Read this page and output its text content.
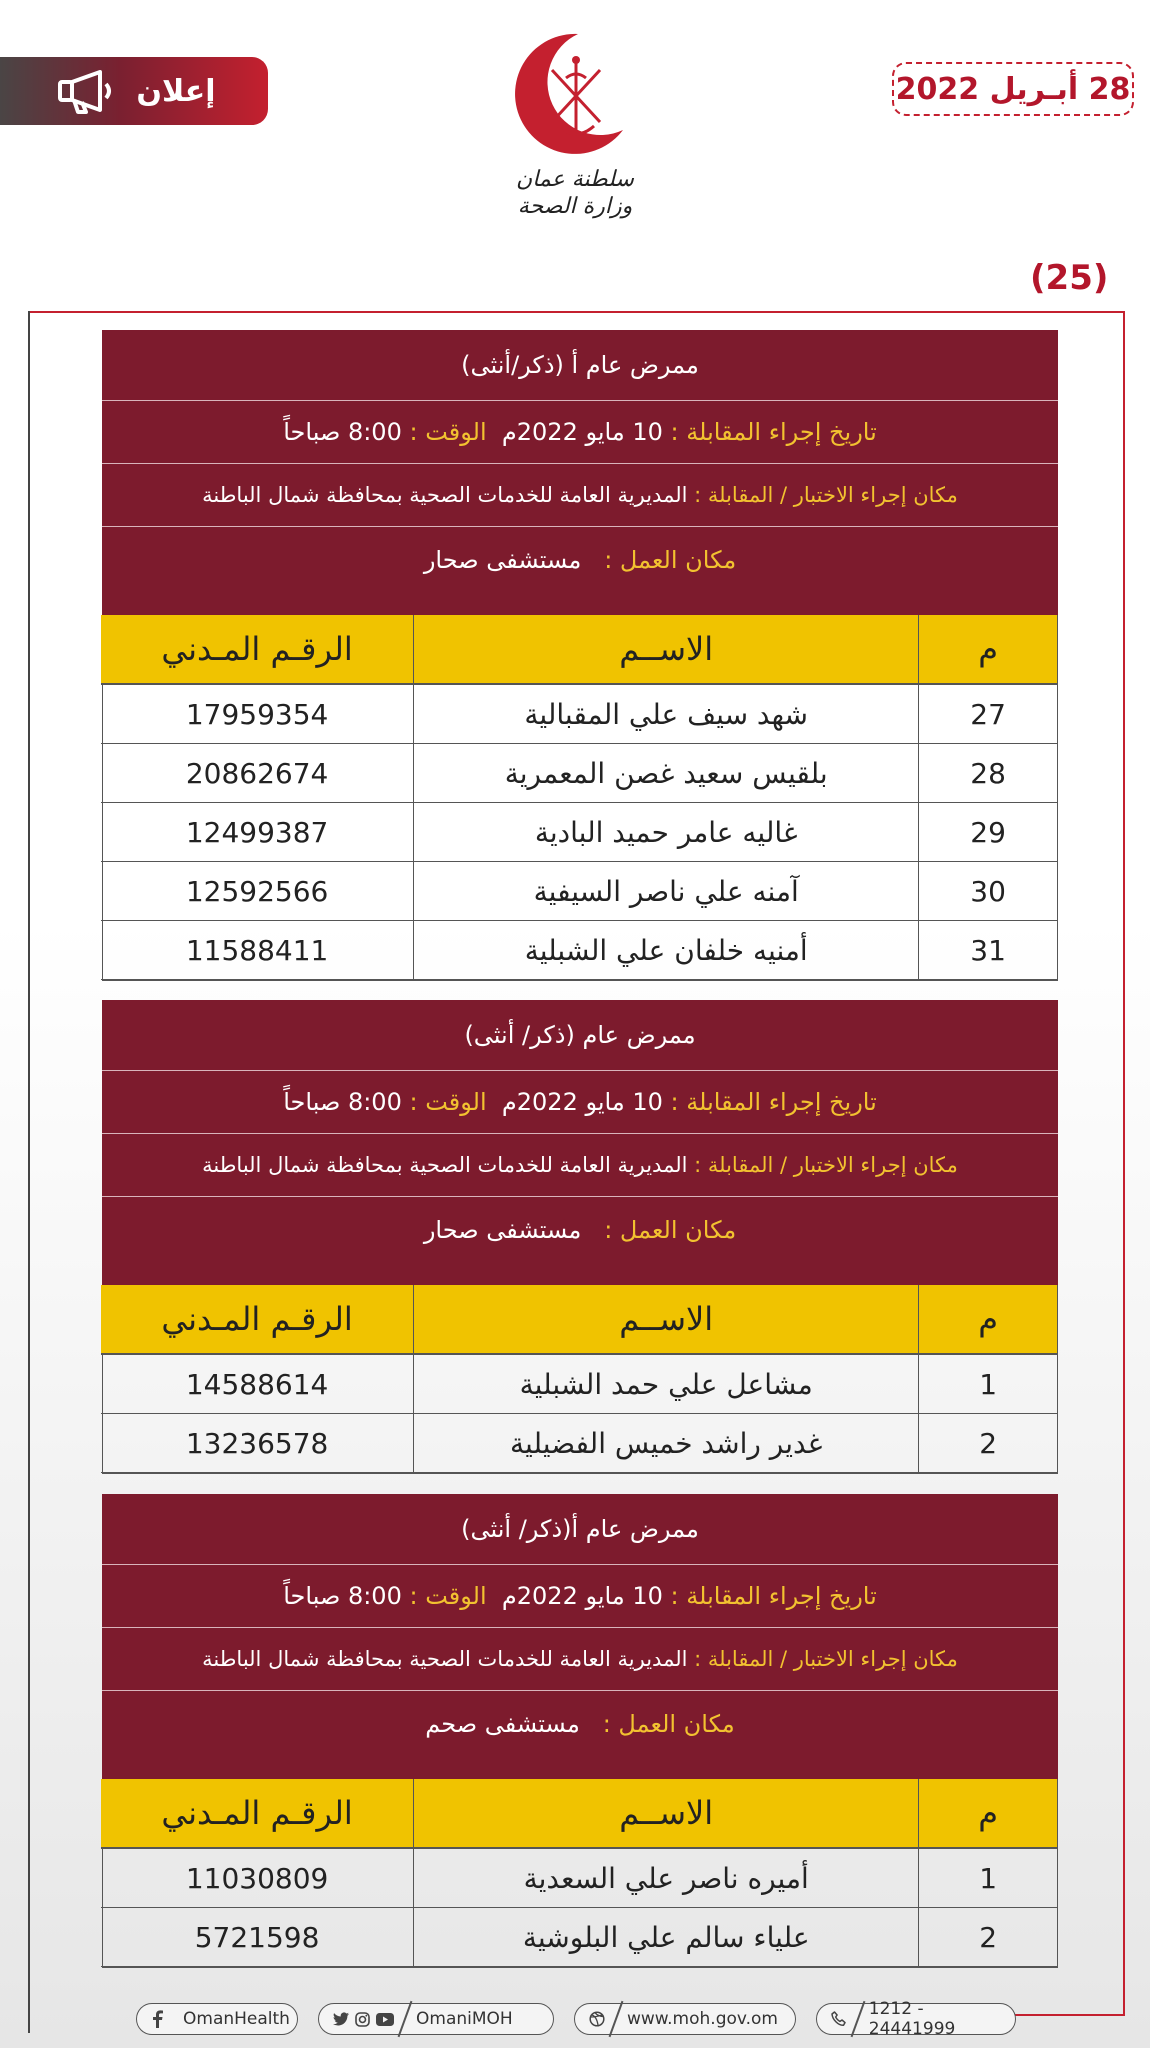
إعلان
سلطنة عمان
وزارة الصحة
28 أبـريل 2022
(25)
ممرض عام أ (ذكر/أنثى)
تاريخ إجراء المقابلة :

10 مايو 2022م

الوقت :

8:00 صباحاً
مكان إجراء الاختبار / المقابلة :

المديرية العامة للخدمات الصحية بمحافظة شمال الباطنة
مكان العمل :

مستشفى صحار
م	الاســم	الرقـم المـدني
27	شهد سيف علي المقبالية	17959354
28	بلقيس سعيد غصن المعمرية	20862674
29	غاليه عامر حميد البادية	12499387
30	آمنه علي ناصر السيفية	12592566
31	أمنيه خلفان علي الشبلية	11588411
ممرض عام (ذكر/ أنثى)
تاريخ إجراء المقابلة :

10 مايو 2022م

الوقت :

8:00 صباحاً
مكان إجراء الاختبار / المقابلة :

المديرية العامة للخدمات الصحية بمحافظة شمال الباطنة
مكان العمل :

مستشفى صحار
م	الاســم	الرقـم المـدني
1	مشاعل علي حمد الشبلية	14588614
2	غدير راشد خميس الفضيلية	13236578
ممرض عام أ(ذكر/ أنثى)
تاريخ إجراء المقابلة :

10 مايو 2022م

الوقت :

8:00 صباحاً
مكان إجراء الاختبار / المقابلة :

المديرية العامة للخدمات الصحية بمحافظة شمال الباطنة
مكان العمل :

مستشفى صحم
م	الاســم	الرقـم المـدني
1	أميره ناصر علي السعدية	11030809
2	علياء سالم علي البلوشية	5721598
OmanHealth	OmaniMOH	www.moh.gov.om	1212 - 24441999
